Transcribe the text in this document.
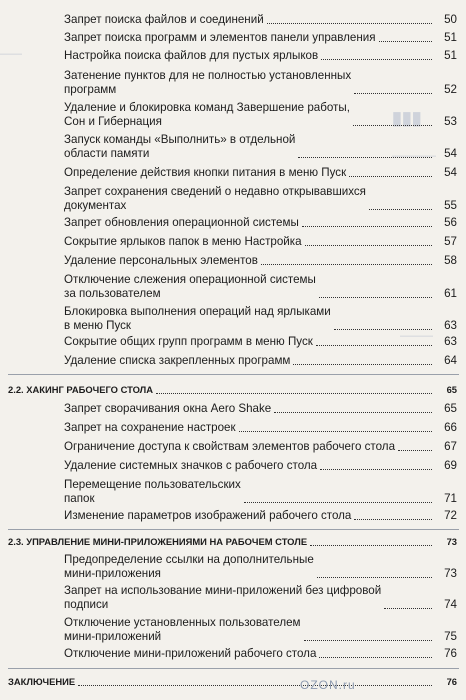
▮▮▮
————
———
——
Запрет поиска файлов и соединений	50
Запрет поиска программ и элементов панели управления	51
Настройка поиска файлов для пустых ярлыков	51
Затенение пунктов для не полностью установленных
программ	52
Удаление и блокировка команд Завершение работы,
Сон и Гибернация	53
Запуск команды «Выполнить» в отдельной
области памяти	54
Определение действия кнопки питания в меню Пуск	54
Запрет сохранения сведений о недавно открывавшихся
документах	55
Запрет обновления операционной системы	56
Сокрытие ярлыков папок в меню Настройка	57
Удаление персональных элементов	58
Отключение слежения операционной системы
за пользователем	61
Блокировка выполнения операций над ярлыками
в меню Пуск	63
Сокрытие общих групп программ в меню Пуск	63
Удаление списка закрепленных программ	64
2.2. ХАКИНГ РАБОЧЕГО СТОЛА	65
Запрет сворачивания окна Aero Shake	65
Запрет на сохранение настроек	66
Ограничение доступа к свойствам элементов рабочего стола	67
Удаление системных значков с рабочего стола	69
Перемещение пользовательских
папок	71
Изменение параметров изображений рабочего стола	72
2.3. УПРАВЛЕНИЕ МИНИ-ПРИЛОЖЕНИЯМИ НА РАБОЧЕМ СТОЛЕ	73
Предопределение ссылки на дополнительные
мини-приложения	73
Запрет на использование мини-приложений без цифровой
подписи	74
Отключение установленных пользователем
мини-приложений	75
Отключение мини-приложений рабочего стола	76
ЗАКЛЮЧЕНИЕ	76
OZON.ru
